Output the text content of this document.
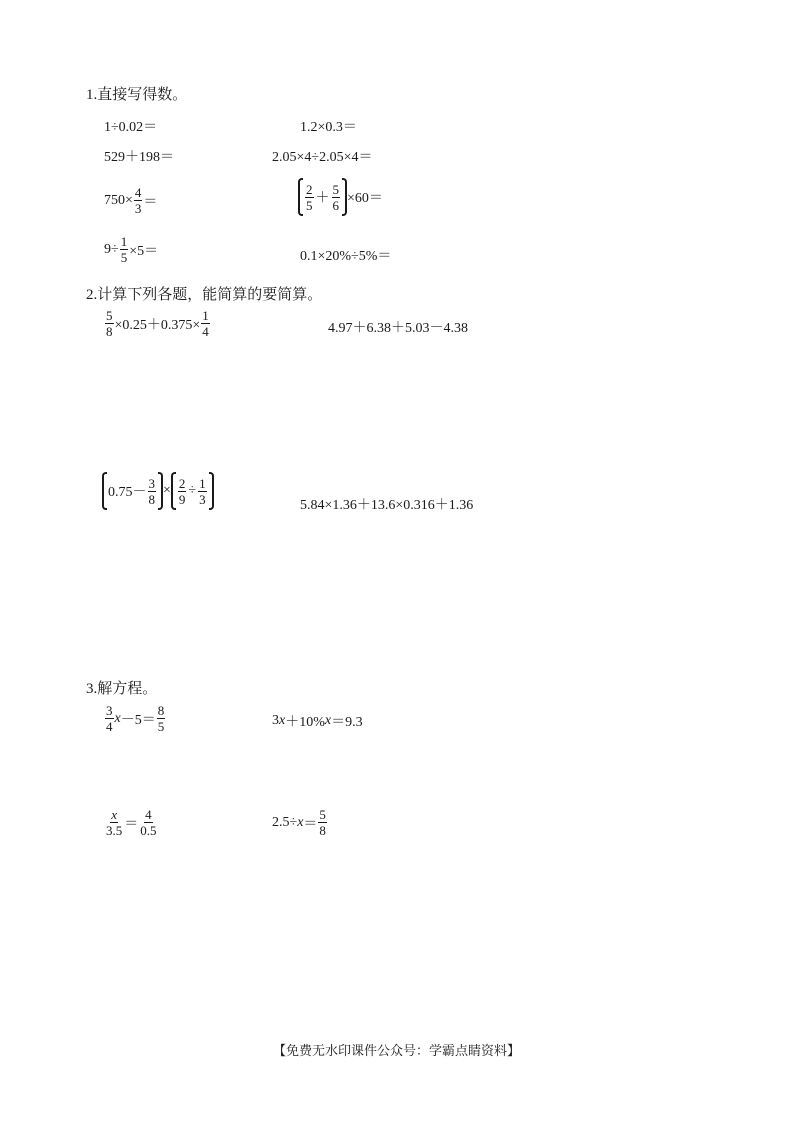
1.直接写得数。
1÷0.02＝	1.2×0.3＝
529＋198＝	2.05×4÷2.05×4＝
$750\times \frac{4}{3}$ ＝	$\frac{2}{5} + \frac{5}{6} \times 60=$
$9\div \frac{1}{5} \times 5=$	0.1×20%÷5%＝
2.计算下列各题，能简算的要简算。
$\frac{5}{8} \times 0.25+0.375\times \frac{1}{4}$	4.97＋6.38＋5.03－4.38
$0.75- \frac{3}{8} \times \frac{2}{9} \div \frac{1}{3}$	5.84×1.36＋13.6×0.316＋1.36
3.解方程。
$\frac{3}{4}$ $x -5= \frac{8}{5}$	3 x ＋10% x ＝9.3
$\frac{x}{3.5} = \frac{4}{0.5}$	$2.5\div x = \frac{5}{8}$
【免费无水印课件公众号：学霸点睛资料】
